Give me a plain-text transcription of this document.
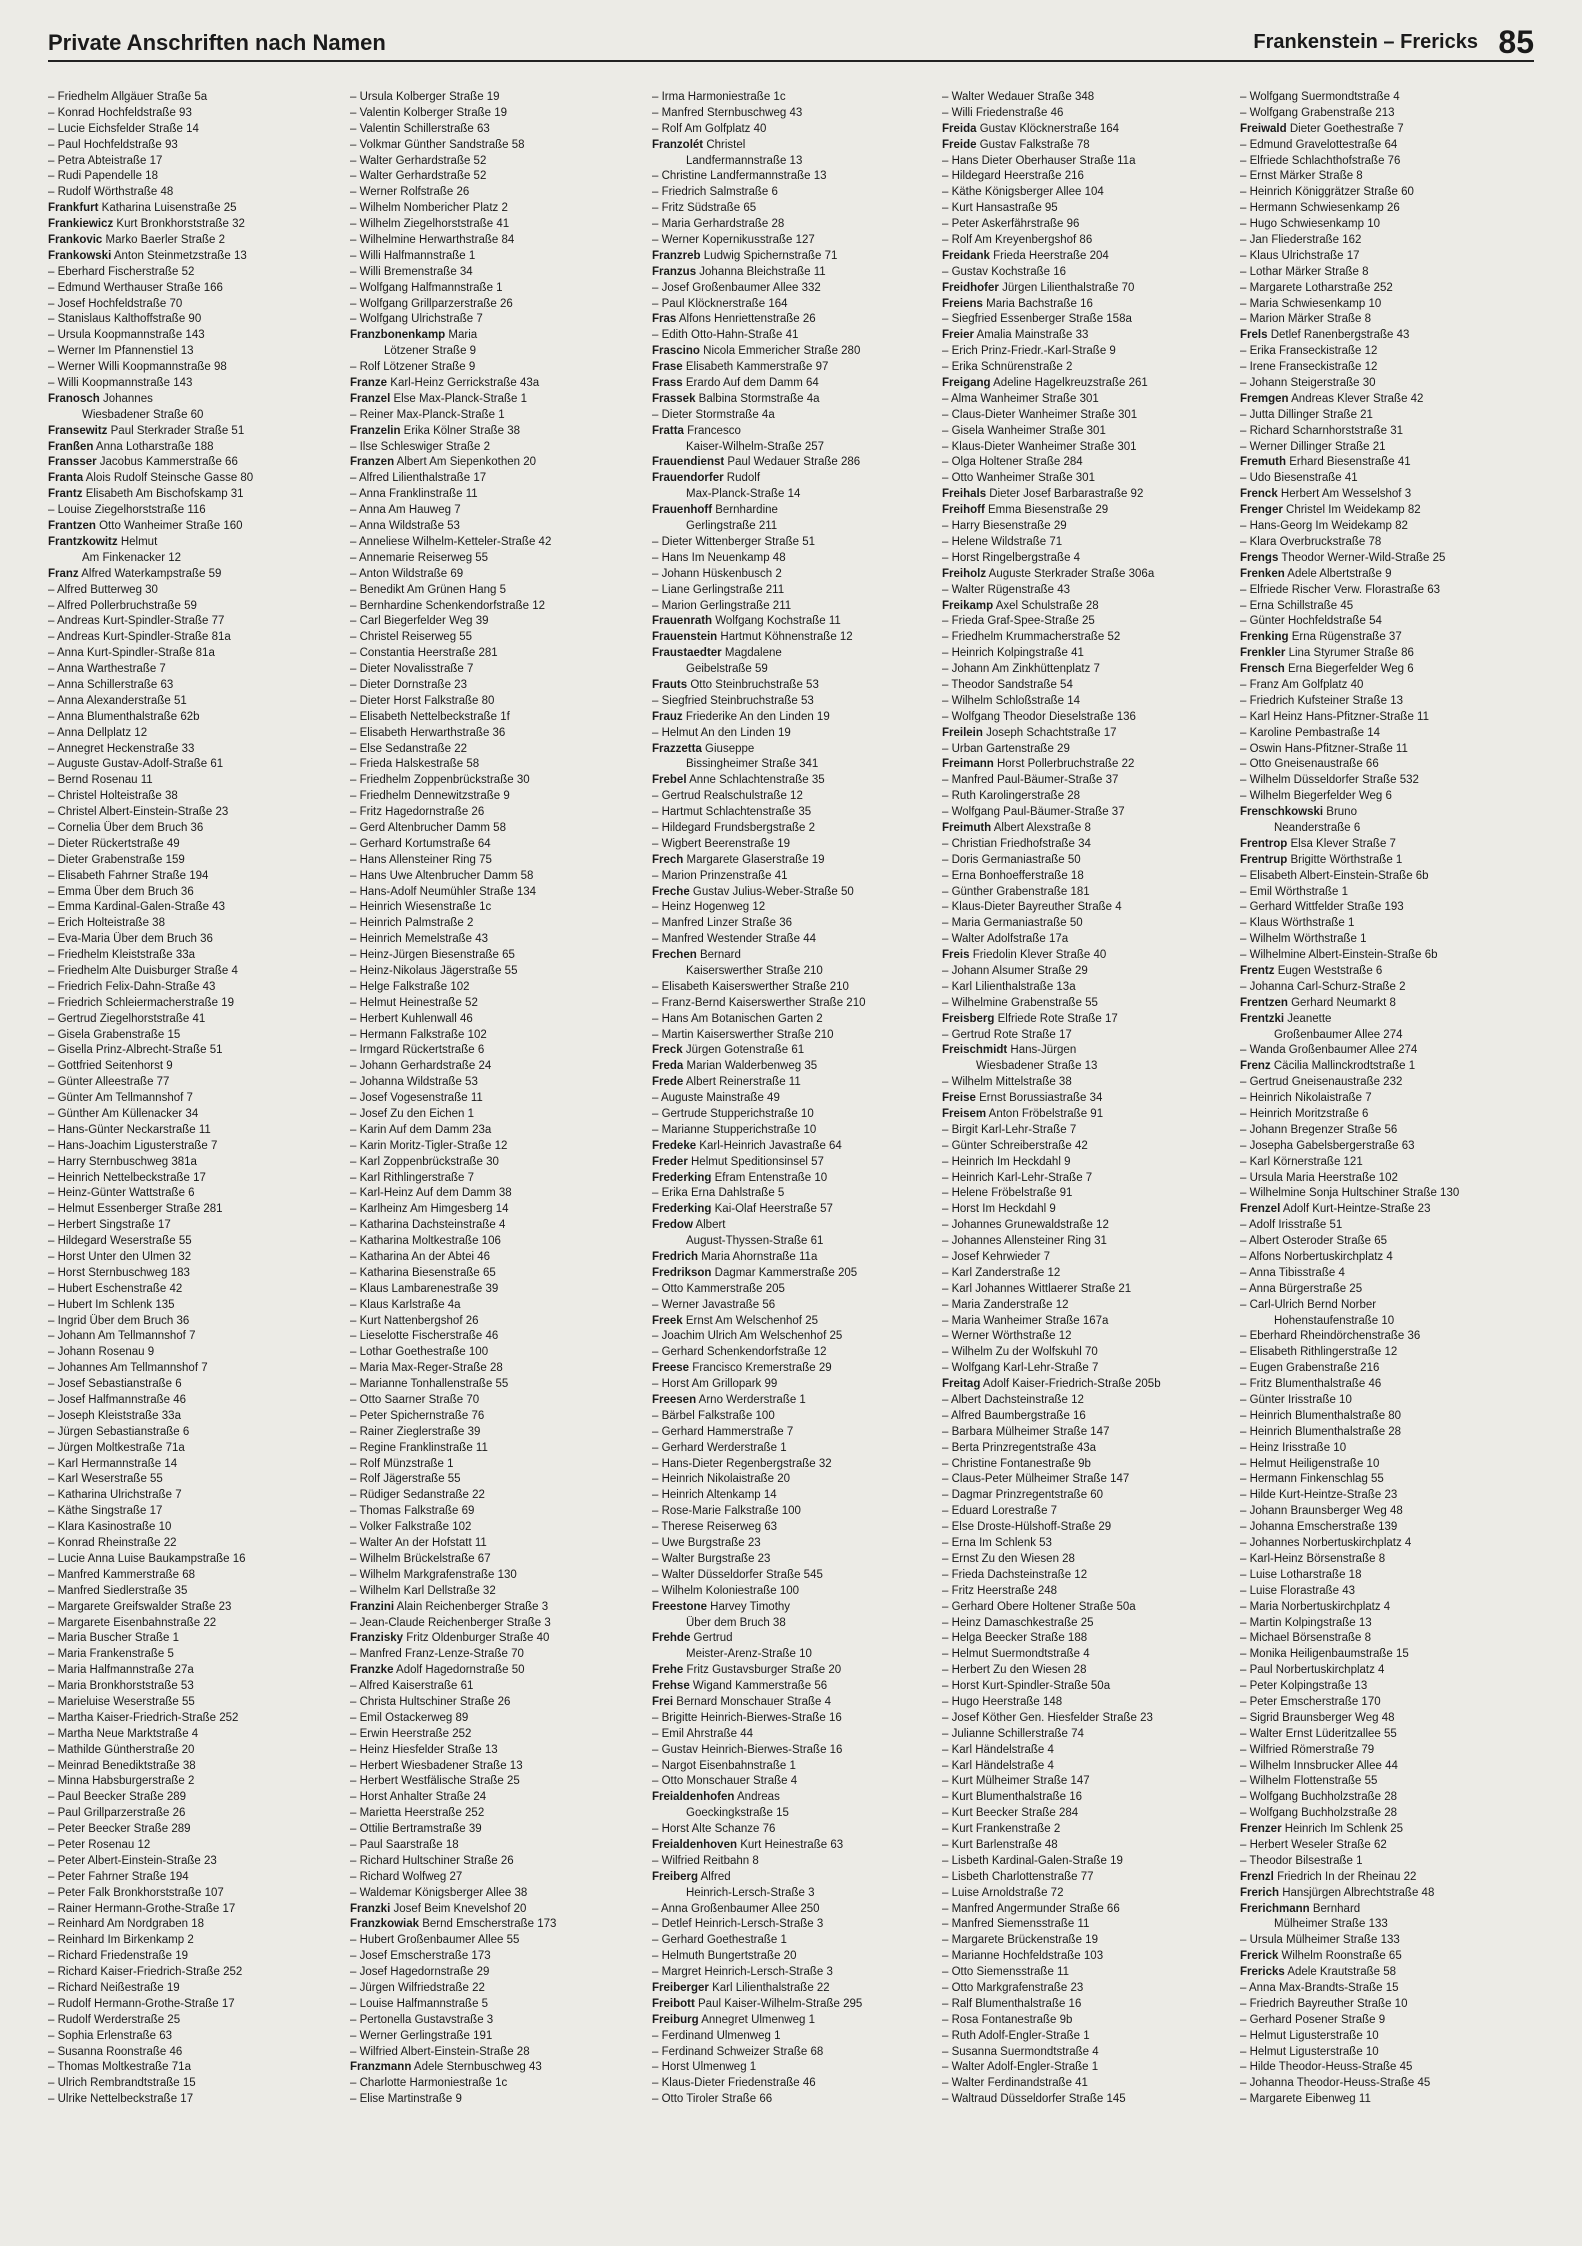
Private Anschriften nach Namen	Frankenstein – Frericks 85
– Friedhelm Allgäuer Straße 5a
– Konrad Hochfeldstraße 93
– Lucie Eichsfelder Straße 14
– Paul Hochfeldstraße 93
– Petra Abteistraße 17
– Rudi Papendelle 18
– Rudolf Wörthstraße 48
Frankfurt Katharina Luisenstraße 25
Frankiewicz Kurt Bronkhorststraße 32
Frankovic Marko Baerler Straße 2
Frankowski Anton Steinmetzstraße 13
– Eberhard Fischerstraße 52
– Edmund Werthauser Straße 166
– Josef Hochfeldstraße 70
– Stanislaus Kalthoffstraße 90
– Ursula Koopmannstraße 143
– Werner Im Pfannenstiel 13
– Werner Willi Koopmannstraße 98
– Willi Koopmannstraße 143
Franosch Johannes
Wiesbadener Straße 60
Fransewitz Paul Sterkrader Straße 51
Franßen Anna Lotharstraße 188
Fransser Jacobus Kammerstraße 66
Franta Alois Rudolf Steinsche Gasse 80
Frantz Elisabeth Am Bischofskamp 31
– Louise Ziegelhorststraße 116
Frantzen Otto Wanheimer Straße 160
Frantzkowitz Helmut
Am Finkenacker 12
Franz Alfred Waterkampstraße 59
– Alfred Butterweg 30
– Alfred Pollerbruchstraße 59
– Andreas Kurt-Spindler-Straße 77
– Andreas Kurt-Spindler-Straße 81a
– Anna Kurt-Spindler-Straße 81a
– Anna Warthestraße 7
– Anna Schillerstraße 63
– Anna Alexanderstraße 51
– Anna Blumenthalstraße 62b
– Anna Dellplatz 12
– Annegret Heckenstraße 33
– Auguste Gustav-Adolf-Straße 61
– Bernd Rosenau 11
– Christel Holteistraße 38
– Christel Albert-Einstein-Straße 23
– Cornelia Über dem Bruch 36
– Dieter Rückertstraße 49
– Dieter Grabenstraße 159
– Elisabeth Fahrner Straße 194
– Emma Über dem Bruch 36
– Emma Kardinal-Galen-Straße 43
– Erich Holteistraße 38
– Eva-Maria Über dem Bruch 36
– Friedhelm Kleiststraße 33a
– Friedhelm Alte Duisburger Straße 4
– Friedrich Felix-Dahn-Straße 43
– Friedrich Schleiermacherstraße 19
– Gertrud Ziegelhorststraße 41
– Gisela Grabenstraße 15
– Gisella Prinz-Albrecht-Straße 51
– Gottfried Seitenhorst 9
– Günter Alleestraße 77
– Günter Am Tellmannshof 7
– Günther Am Küllenacker 34
– Hans-Günter Neckarstraße 11
– Hans-Joachim Ligusterstraße 7
– Harry Sternbuschweg 381a
– Heinrich Nettelbeckstraße 17
– Heinz-Günter Wattstraße 6
– Helmut Essenberger Straße 281
– Herbert Singstraße 17
– Hildegard Weserstraße 55
– Horst Unter den Ulmen 32
– Horst Sternbuschweg 183
– Hubert Eschenstraße 42
– Hubert Im Schlenk 135
– Ingrid Über dem Bruch 36
– Johann Am Tellmannshof 7
– Johann Rosenau 9
– Johannes Am Tellmannshof 7
– Josef Sebastianstraße 6
– Josef Halfmannstraße 46
– Joseph Kleiststraße 33a
– Jürgen Sebastianstraße 6
– Jürgen Moltkestraße 71a
– Karl Hermannstraße 14
– Karl Weserstraße 55
– Katharina Ulrichstraße 7
– Käthe Singstraße 17
– Klara Kasinostraße 10
– Konrad Rheinstraße 22
– Lucie Anna Luise Baukampstraße 16
– Manfred Kammerstraße 68
– Manfred Siedlerstraße 35
– Margarete Greifswalder Straße 23
– Margarete Eisenbahnstraße 22
– Maria Buscher Straße 1
– Maria Frankenstraße 5
– Maria Halfmannstraße 27a
– Maria Bronkhorststraße 53
– Marieluise Weserstraße 55
– Martha Kaiser-Friedrich-Straße 252
– Martha Neue Marktstraße 4
– Mathilde Güntherstraße 20
– Meinrad Benediktstraße 38
– Minna Habsburgerstraße 2
– Paul Beecker Straße 289
– Paul Grillparzerstraße 26
– Peter Beecker Straße 289
– Peter Rosenau 12
– Peter Albert-Einstein-Straße 23
– Peter Fahrner Straße 194
– Peter Falk Bronkhorststraße 107
– Rainer Hermann-Grothe-Straße 17
– Reinhard Am Nordgraben 18
– Reinhard Im Birkenkamp 2
– Richard Friedenstraße 19
– Richard Kaiser-Friedrich-Straße 252
– Richard Neißestraße 19
– Rudolf Hermann-Grothe-Straße 17
– Rudolf Werderstraße 25
– Sophia Erlenstraße 63
– Susanna Roonstraße 46
– Thomas Moltkestraße 71a
– Ulrich Rembrandtstraße 15
– Ulrike Nettelbeckstraße 17
– Ursula Kolberger Straße 19
– Valentin Kolberger Straße 19
– Valentin Schillerstraße 63
– Volkmar Günther Sandstraße 58
– Walter Gerhardstraße 52
– Walter Gerhardstraße 52
– Werner Rolfstraße 26
– Wilhelm Nombericher Platz 2
– Wilhelm Ziegelhorststraße 41
– Wilhelmine Herwarthstraße 84
– Willi Halfmannstraße 1
– Willi Bremenstraße 34
– Wolfgang Halfmannstraße 1
– Wolfgang Grillparzerstraße 26
– Wolfgang Ulrichstraße 7
Franzbonenkamp Maria
Lötzener Straße 9
– Rolf Lötzener Straße 9
Franze Karl-Heinz Gerrickstraße 43a
Franzel Else Max-Planck-Straße 1
– Reiner Max-Planck-Straße 1
Franzelin Erika Kölner Straße 38
– Ilse Schleswiger Straße 2
Franzen Albert Am Siepenkothen 20
– Alfred Lilienthalstraße 17
– Anna Franklinstraße 11
– Anna Am Hauweg 7
– Anna Wildstraße 53
– Anneliese Wilhelm-Ketteler-Straße 42
– Annemarie Reiserweg 55
– Anton Wildstraße 69
– Benedikt Am Grünen Hang 5
– Bernhardine Schenkendorfstraße 12
– Carl Biegerfelder Weg 39
– Christel Reiserweg 55
– Constantia Heerstraße 281
– Dieter Novalisstraße 7
– Dieter Dornstraße 23
– Dieter Horst Falkstraße 80
– Elisabeth Nettelbeckstraße 1f
– Elisabeth Herwarthstraße 36
– Else Sedanstraße 22
– Frieda Halskestraße 58
– Friedhelm Zoppenbrückstraße 30
– Friedhelm Dennewitzstraße 9
– Fritz Hagedornstraße 26
– Gerd Altenbrucher Damm 58
– Gerhard Kortumstraße 64
– Hans Allensteiner Ring 75
– Hans Uwe Altenbrucher Damm 58
– Hans-Adolf Neumühler Straße 134
– Heinrich Wiesenstraße 1c
– Heinrich Palmstraße 2
– Heinrich Memelstraße 43
– Heinz-Jürgen Biesenstraße 65
– Heinz-Nikolaus Jägerstraße 55
– Helge Falkstraße 102
– Helmut Heinestraße 52
– Herbert Kuhlenwall 46
– Hermann Falkstraße 102
– Irmgard Rückertstraße 6
– Johann Gerhardstraße 24
– Johanna Wildstraße 53
– Josef Vogesenstraße 11
– Josef Zu den Eichen 1
– Karin Auf dem Damm 23a
– Karin Moritz-Tigler-Straße 12
– Karl Zoppenbrückstraße 30
– Karl Rithlingerstraße 7
– Karl-Heinz Auf dem Damm 38
– Karlheinz Am Himgesberg 14
– Katharina Dachsteinstraße 4
– Katharina Moltkestraße 106
– Katharina An der Abtei 46
– Katharina Biesenstraße 65
– Klaus Lambarenestraße 39
– Klaus Karlstraße 4a
– Kurt Nattenbergshof 26
– Lieselotte Fischerstraße 46
– Lothar Goethestraße 100
– Maria Max-Reger-Straße 28
– Marianne Tonhallenstraße 55
– Otto Saarner Straße 70
– Peter Spichernstraße 76
– Rainer Zieglerstraße 39
– Regine Franklinstraße 11
– Rolf Münzstraße 1
– Rolf Jägerstraße 55
– Rüdiger Sedanstraße 22
– Thomas Falkstraße 69
– Volker Falkstraße 102
– Walter An der Hofstatt 11
– Wilhelm Brückelstraße 67
– Wilhelm Markgrafenstraße 130
– Wilhelm Karl Dellstraße 32
Franzini Alain Reichenberger Straße 3
– Jean-Claude Reichenberger Straße 3
Franzisky Fritz Oldenburger Straße 40
– Manfred Franz-Lenze-Straße 70
Franzke Adolf Hagedornstraße 50
– Alfred Kaiserstraße 61
– Christa Hultschiner Straße 26
– Emil Ostackerweg 89
– Erwin Heerstraße 252
– Heinz Hiesfelder Straße 13
– Herbert Wiesbadener Straße 13
– Herbert Westfälische Straße 25
– Horst Anhalter Straße 24
– Marietta Heerstraße 252
– Ottilie Bertramstraße 39
– Paul Saarstraße 18
– Richard Hultschiner Straße 26
– Richard Wolfweg 27
– Waldemar Königsberger Allee 38
Franzki Josef Beim Knevelshof 20
Franzkowiak Bernd Emscherstraße 173
– Hubert Großenbaumer Allee 55
– Josef Emscherstraße 173
– Josef Hagedornstraße 29
– Jürgen Wilfriedstraße 22
– Louise Halfmannstraße 5
– Pertonella Gustavstraße 3
– Werner Gerlingstraße 191
– Wilfried Albert-Einstein-Straße 28
Franzmann Adele Sternbuschweg 43
– Charlotte Harmoniestraße 1c
– Elise Martinstraße 9
– Irma Harmoniestraße 1c
– Manfred Sternbuschweg 43
– Rolf Am Golfplatz 40
Franzolét Christel
Landfermannstraße 13
– Christine Landfermannstraße 13
– Friedrich Salmstraße 6
– Fritz Südstraße 65
– Maria Gerhardstraße 28
– Werner Kopernikusstraße 127
Franzreb Ludwig Spichernstraße 71
Franzus Johanna Bleichstraße 11
– Josef Großenbaumer Allee 332
– Paul Klöcknerstraße 164
Fras Alfons Henriettenstraße 26
– Edith Otto-Hahn-Straße 41
Frascino Nicola Emmericher Straße 280
Frase Elisabeth Kammerstraße 97
Frass Erardo Auf dem Damm 64
Frassek Balbina Stormstraße 4a
– Dieter Stormstraße 4a
Fratta Francesco
Kaiser-Wilhelm-Straße 257
Frauendienst Paul Wedauer Straße 286
Frauendorfer Rudolf
Max-Planck-Straße 14
Frauenhoff Bernhardine
Gerlingstraße 211
– Dieter Wittenberger Straße 51
– Hans Im Neuenkamp 48
– Johann Hüskenbusch 2
– Liane Gerlingstraße 211
– Marion Gerlingstraße 211
Frauenrath Wolfgang Kochstraße 11
Frauenstein Hartmut Köhnenstraße 12
Fraustaedter Magdalene
Geibelstraße 59
Frauts Otto Steinbruchstraße 53
– Siegfried Steinbruchstraße 53
Frauz Friederike An den Linden 19
– Helmut An den Linden 19
Frazzetta Giuseppe
Bissingheimer Straße 341
Frebel Anne Schlachtenstraße 35
– Gertrud Realschulstraße 12
– Hartmut Schlachtenstraße 35
– Hildegard Frundsbergstraße 2
– Wigbert Beerenstraße 19
Frech Margarete Glaserstraße 19
– Marion Prinzenstraße 41
Freche Gustav Julius-Weber-Straße 50
– Heinz Hogenweg 12
– Manfred Linzer Straße 36
– Manfred Westender Straße 44
Frechen Bernard
Kaiserswerther Straße 210
– Elisabeth Kaiserswerther Straße 210
– Franz-Bernd Kaiserswerther Straße 210
– Hans Am Botanischen Garten 2
– Martin Kaiserswerther Straße 210
Freck Jürgen Gotenstraße 61
Freda Marian Walderbenweg 35
Frede Albert Reinerstraße 11
– Auguste Mainstraße 49
– Gertrude Stupperichstraße 10
– Marianne Stupperichstraße 10
Fredeke Karl-Heinrich Javastraße 64
Freder Helmut Speditionsinsel 57
Frederking Efram Entenstraße 10
– Erika Erna Dahlstraße 5
Frederking Kai-Olaf Heerstraße 57
Fredow Albert
August-Thyssen-Straße 61
Fredrich Maria Ahornstraße 11a
Fredrikson Dagmar Kammerstraße 205
– Otto Kammerstraße 205
– Werner Javastraße 56
Freek Ernst Am Welschenhof 25
– Joachim Ulrich Am Welschenhof 25
– Gerhard Schenkendorfstraße 12
Freese Francisco Kremerstraße 29
– Horst Am Grillopark 99
Freesen Arno Werderstraße 1
– Bärbel Falkstraße 100
– Gerhard Hammerstraße 7
– Gerhard Werderstraße 1
– Hans-Dieter Regenbergstraße 32
– Heinrich Nikolaistraße 20
– Heinrich Altenkamp 14
– Rose-Marie Falkstraße 100
– Therese Reiserweg 63
– Uwe Burgstraße 23
– Walter Burgstraße 23
– Walter Düsseldorfer Straße 545
– Wilhelm Koloniestraße 100
Freestone Harvey Timothy
Über dem Bruch 38
Frehde Gertrud
Meister-Arenz-Straße 10
Frehe Fritz Gustavsburger Straße 20
Frehse Wigand Kammerstraße 56
Frei Bernard Monschauer Straße 4
– Brigitte Heinrich-Bierwes-Straße 16
– Emil Ahrstraße 44
– Gustav Heinrich-Bierwes-Straße 16
– Nargot Eisenbahnstraße 1
– Otto Monschauer Straße 4
Freialdenhofen Andreas
Goeckingkstraße 15
– Horst Alte Schanze 76
Freialdenhoven Kurt Heinestraße 63
– Wilfried Reitbahn 8
Freiberg Alfred
Heinrich-Lersch-Straße 3
– Anna Großenbaumer Allee 250
– Detlef Heinrich-Lersch-Straße 3
– Gerhard Goethestraße 1
– Helmuth Bungertstraße 20
– Margret Heinrich-Lersch-Straße 3
Freiberger Karl Lilienthalstraße 22
Freibott Paul Kaiser-Wilhelm-Straße 295
Freiburg Annegret Ulmenweg 1
– Ferdinand Ulmenweg 1
– Ferdinand Schweizer Straße 68
– Horst Ulmenweg 1
– Klaus-Dieter Friedenstraße 46
– Otto Tiroler Straße 66
– Walter Wedauer Straße 348
– Willi Friedenstraße 46
Freida Gustav Klöcknerstraße 164
Freide Gustav Falkstraße 78
– Hans Dieter Oberhauser Straße 11a
– Hildegard Heerstraße 216
– Käthe Königsberger Allee 104
– Kurt Hansastraße 95
– Peter Askerfährstraße 96
– Rolf Am Kreyenbergshof 86
Freidank Frieda Heerstraße 204
– Gustav Kochstraße 16
Freidhofer Jürgen Lilienthalstraße 70
Freiens Maria Bachstraße 16
– Siegfried Essenberger Straße 158a
Freier Amalia Mainstraße 33
– Erich Prinz-Friedr.-Karl-Straße 9
– Erika Schnürenstraße 2
Freigang Adeline Hagelkreuzstraße 261
– Alma Wanheimer Straße 301
– Claus-Dieter Wanheimer Straße 301
– Gisela Wanheimer Straße 301
– Klaus-Dieter Wanheimer Straße 301
– Olga Holtener Straße 284
– Otto Wanheimer Straße 301
Freihals Dieter Josef Barbarastraße 92
Freihoff Emma Biesenstraße 29
– Harry Biesenstraße 29
– Helene Wildstraße 71
– Horst Ringelbergstraße 4
Freiholz Auguste Sterkrader Straße 306a
– Walter Rügenstraße 43
Freikamp Axel Schulstraße 28
– Frieda Graf-Spee-Straße 25
– Friedhelm Krummacherstraße 52
– Heinrich Kolpingstraße 41
– Johann Am Zinkhüttenplatz 7
– Theodor Sandstraße 54
– Wilhelm Schloßstraße 14
– Wolfgang Theodor Dieselstraße 136
Freilein Joseph Schachtstraße 17
– Urban Gartenstraße 29
Freimann Horst Pollerbruchstraße 22
– Manfred Paul-Bäumer-Straße 37
– Ruth Karolingerstraße 28
– Wolfgang Paul-Bäumer-Straße 37
Freimuth Albert Alexstraße 8
– Christian Friedhofstraße 34
– Doris Germaniastraße 50
– Erna Bonhoefferstraße 18
– Günther Grabenstraße 181
– Klaus-Dieter Bayreuther Straße 4
– Maria Germaniastraße 50
– Walter Adolfstraße 17a
Freis Friedolin Klever Straße 40
– Johann Alsumer Straße 29
– Karl Lilienthalstraße 13a
– Wilhelmine Grabenstraße 55
Freisberg Elfriede Rote Straße 17
– Gertrud Rote Straße 17
Freischmidt Hans-Jürgen
Wiesbadener Straße 13
– Wilhelm Mittelstraße 38
Freise Ernst Borussiastraße 34
Freisem Anton Fröbelstraße 91
– Birgit Karl-Lehr-Straße 7
– Günter Schreiberstraße 42
– Heinrich Im Heckdahl 9
– Heinrich Karl-Lehr-Straße 7
– Helene Fröbelstraße 91
– Horst Im Heckdahl 9
– Johannes Grunewaldstraße 12
– Johannes Allensteiner Ring 31
– Josef Kehrwieder 7
– Karl Zanderstraße 12
– Karl Johannes Wittlaerer Straße 21
– Maria Zanderstraße 12
– Maria Wanheimer Straße 167a
– Werner Wörthstraße 12
– Wilhelm Zu der Wolfskuhl 70
– Wolfgang Karl-Lehr-Straße 7
Freitag Adolf Kaiser-Friedrich-Straße 205b
– Albert Dachsteinstraße 12
– Alfred Baumbergstraße 16
– Barbara Mülheimer Straße 147
– Berta Prinzregentstraße 43a
– Christine Fontanestraße 9b
– Claus-Peter Mülheimer Straße 147
– Dagmar Prinzregentstraße 60
– Eduard Lorestraße 7
– Else Droste-Hülshoff-Straße 29
– Erna Im Schlenk 53
– Ernst Zu den Wiesen 28
– Frieda Dachsteinstraße 12
– Fritz Heerstraße 248
– Gerhard Obere Holtener Straße 50a
– Heinz Damaschkestraße 25
– Helga Beecker Straße 188
– Helmut Suermondtstraße 4
– Herbert Zu den Wiesen 28
– Horst Kurt-Spindler-Straße 50a
– Hugo Heerstraße 148
– Josef Köther Gen. Hiesfelder Straße 23
– Julianne Schillerstraße 74
– Karl Händelstraße 4
– Karl Händelstraße 4
– Kurt Mülheimer Straße 147
– Kurt Blumenthalstraße 16
– Kurt Beecker Straße 284
– Kurt Frankenstraße 2
– Kurt Barlenstraße 48
– Lisbeth Kardinal-Galen-Straße 19
– Lisbeth Charlottenstraße 77
– Luise Arnoldstraße 72
– Manfred Angermunder Straße 66
– Manfred Siemensstraße 11
– Margarete Brückenstraße 19
– Marianne Hochfeldstraße 103
– Otto Siemensstraße 11
– Otto Markgrafenstraße 23
– Ralf Blumenthalstraße 16
– Rosa Fontanestraße 9b
– Ruth Adolf-Engler-Straße 1
– Susanna Suermondtstraße 4
– Walter Adolf-Engler-Straße 1
– Walter Ferdinandstraße 41
– Waltraud Düsseldorfer Straße 145
– Wolfgang Suermondtstraße 4
– Wolfgang Grabenstraße 213
Freiwald Dieter Goethestraße 7
– Edmund Gravelottestraße 64
– Elfriede Schlachthofstraße 76
– Ernst Märker Straße 8
– Heinrich Königgrätzer Straße 60
– Hermann Schwiesenkamp 26
– Hugo Schwiesenkamp 10
– Jan Fliederstraße 162
– Klaus Ulrichstraße 17
– Lothar Märker Straße 8
– Margarete Lotharstraße 252
– Maria Schwiesenkamp 10
– Marion Märker Straße 8
Frels Detlef Ranenbergstraße 43
– Erika Franseckistraße 12
– Irene Franseckistraße 12
– Johann Steigerstraße 30
Fremgen Andreas Klever Straße 42
– Jutta Dillinger Straße 21
– Richard Scharnhorststraße 31
– Werner Dillinger Straße 21
Fremuth Erhard Biesenstraße 41
– Udo Biesenstraße 41
Frenck Herbert Am Wesselshof 3
Frenger Christel Im Weidekamp 82
– Hans-Georg Im Weidekamp 82
– Klara Overbruckstraße 78
Frengs Theodor Werner-Wild-Straße 25
Frenken Adele Albertstraße 9
– Elfriede Rischer Verw. Florastraße 63
– Erna Schillstraße 45
– Günter Hochfeldstraße 54
Frenking Erna Rügenstraße 37
Frenkler Lina Styrumer Straße 86
Frensch Erna Biegerfelder Weg 6
– Franz Am Golfplatz 40
– Friedrich Kufsteiner Straße 13
– Karl Heinz Hans-Pfitzner-Straße 11
– Karoline Pembastraße 14
– Oswin Hans-Pfitzner-Straße 11
– Otto Gneisenaustraße 66
– Wilhelm Düsseldorfer Straße 532
– Wilhelm Biegerfelder Weg 6
Frenschkowski Bruno
Neanderstraße 6
Frentrop Elsa Klever Straße 7
Frentrup Brigitte Wörthstraße 1
– Elisabeth Albert-Einstein-Straße 6b
– Emil Wörthstraße 1
– Gerhard Wittfelder Straße 193
– Klaus Wörthstraße 1
– Wilhelm Wörthstraße 1
– Wilhelmine Albert-Einstein-Straße 6b
Frentz Eugen Weststraße 6
– Johanna Carl-Schurz-Straße 2
Frentzen Gerhard Neumarkt 8
Frentzki Jeanette
Großenbaumer Allee 274
– Wanda Großenbaumer Allee 274
Frenz Cäcilia Mallinckrodtstraße 1
– Gertrud Gneisenaustraße 232
– Heinrich Nikolaistraße 7
– Heinrich Moritzstraße 6
– Johann Bregenzer Straße 56
– Josepha Gabelsbergerstraße 63
– Karl Körnerstraße 121
– Ursula Maria Heerstraße 102
– Wilhelmine Sonja Hultschiner Straße 130
Frenzel Adolf Kurt-Heintze-Straße 23
– Adolf Irisstraße 51
– Albert Osteroder Straße 65
– Alfons Norbertuskirchplatz 4
– Anna Tibisstraße 4
– Anna Bürgerstraße 25
– Carl-Ulrich Bernd Norber
Hohenstaufenstraße 10
– Eberhard Rheindörchenstraße 36
– Elisabeth Rithlingerstraße 12
– Eugen Grabenstraße 216
– Fritz Blumenthalstraße 46
– Günter Irisstraße 10
– Heinrich Blumenthalstraße 80
– Heinrich Blumenthalstraße 28
– Heinz Irisstraße 10
– Helmut Heiligenstraße 10
– Hermann Finkenschlag 55
– Hilde Kurt-Heintze-Straße 23
– Johann Braunsberger Weg 48
– Johanna Emscherstraße 139
– Johannes Norbertuskirchplatz 4
– Karl-Heinz Börsenstraße 8
– Luise Lotharstraße 18
– Luise Florastraße 43
– Maria Norbertuskirchplatz 4
– Martin Kolpingstraße 13
– Michael Börsenstraße 8
– Monika Heiligenbaumstraße 15
– Paul Norbertuskirchplatz 4
– Peter Kolpingstraße 13
– Peter Emscherstraße 170
– Sigrid Braunsberger Weg 48
– Walter Ernst Lüderitzallee 55
– Wilfried Römerstraße 79
– Wilhelm Innsbrucker Allee 44
– Wilhelm Flottenstraße 55
– Wolfgang Buchholzstraße 28
– Wolfgang Buchholzstraße 28
Frenzer Heinrich Im Schlenk 25
– Herbert Weseler Straße 62
– Theodor Bilsestraße 1
Frenzl Friedrich In der Rheinau 22
Frerich Hansjürgen Albrechtstraße 48
Frerichmann Bernhard
Mülheimer Straße 133
– Ursula Mülheimer Straße 133
Frerick Wilhelm Roonstraße 65
Frericks Adele Krautstraße 58
– Anna Max-Brandts-Straße 15
– Friedrich Bayreuther Straße 10
– Gerhard Posener Straße 9
– Helmut Ligusterstraße 10
– Helmut Ligusterstraße 10
– Hilde Theodor-Heuss-Straße 45
– Johanna Theodor-Heuss-Straße 45
– Margarete Eibenweg 11
